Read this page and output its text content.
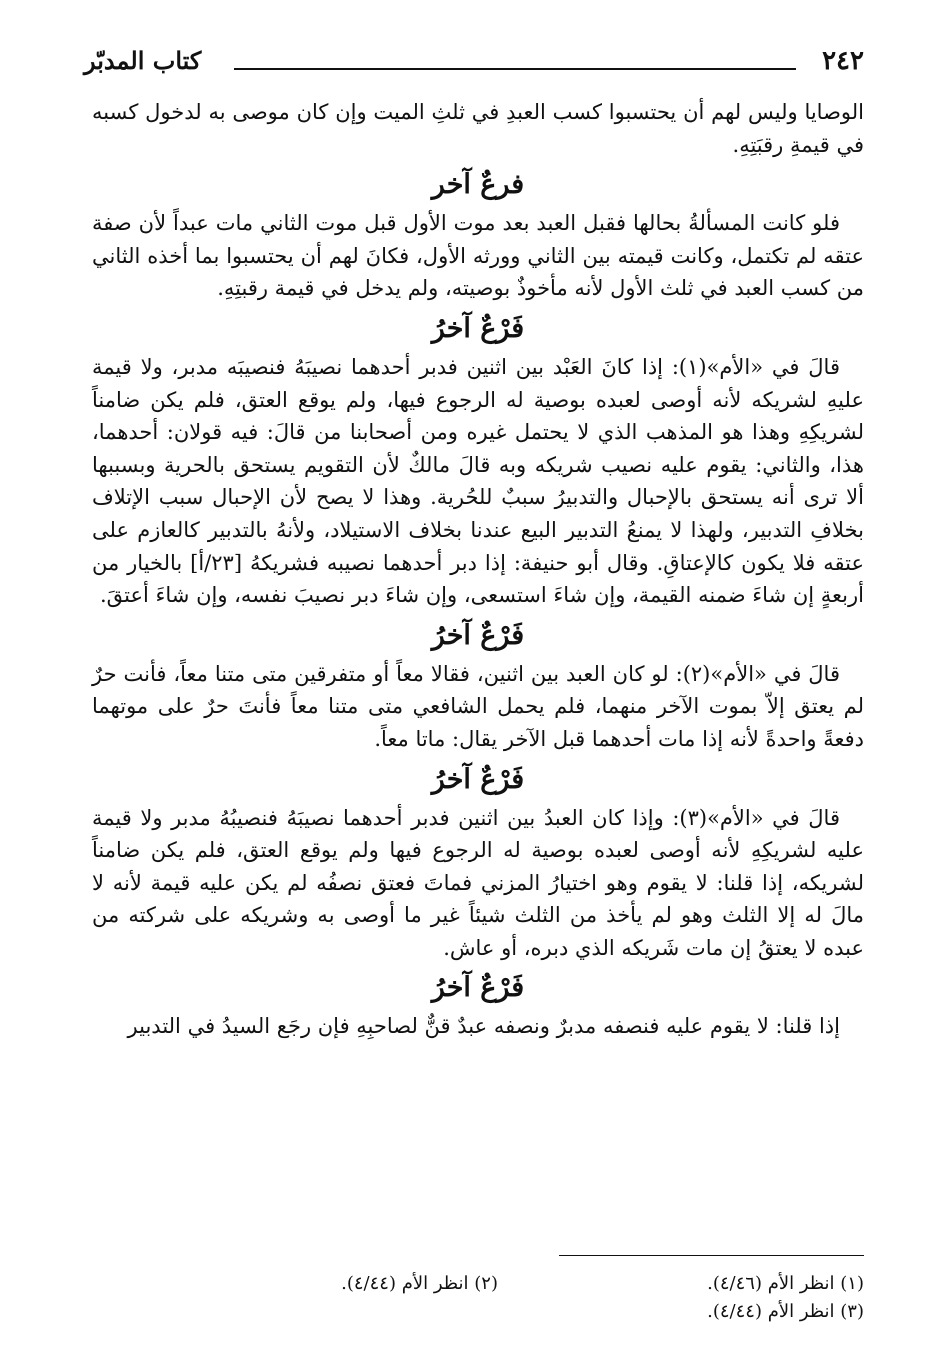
٢٤٢
كتاب المدبّر

الوصايا وليس لهم أن يحتسبوا كسب العبدِ في ثلثِ الميت وإن كان موصى به لدخول كسبه في قيمةِ رقبَتِهِ.

فرعٌ آخر

فلو كانت المسألةُ بحالها فقبل العبد بعد موت الأول قبل موت الثاني مات عبداً لأن صفة عتقه لم تكتمل، وكانت قيمته بين الثاني وورثه الأول، فكانَ لهم أن يحتسبوا بما أخذه الثاني من كسب العبد في ثلث الأول لأنه مأخوذٌ بوصيته، ولم يدخل في قيمة رقبتِهِ.

فَرْعٌ آخرُ

قالَ في «الأم»(١): إذا كانَ العَبْد بين اثنين فدبر أحدهما نصيبَهُ فنصيبَه مدبر، ولا قيمة عليهِ لشريكه لأنه أوصى لعبده بوصية له الرجوع فيها، ولم يوقع العتق، فلم يكن ضامناً لشريكِهِ وهذا هو المذهب الذي لا يحتمل غيره ومن أصحابنا من قالَ: فيه قولان: أحدهما، هذا، والثاني: يقوم عليه نصيب شريكه وبه قالَ مالكٌ لأن التقويم يستحق بالحرية وبسببها ألا ترى أنه يستحق بالإحبال والتدبيرُ سببٌ للحُرية. وهذا لا يصح لأن الإحبال سبب الإتلاف بخلافِ التدبير، ولهذا لا يمنعُ التدبير البيع عندنا بخلاف الاستيلاد، ولأنهُ بالتدبير كالعازم على عتقه فلا يكون كالإعتاقِ. وقال أبو حنيفة: إذا دبر أحدهما نصيبه فشريكهُ [٢٣/أ] بالخيار من أربعةٍ إن شاءَ ضمنه القيمة، وإن شاءَ استسعى، وإن شاءَ دبر نصيبَ نفسه، وإن شاءَ أعتقَ.

فَرْعٌ آخرُ

قالَ في «الأم»(٢): لو كان العبد بين اثنين، فقالا معاً أو متفرقين متى متنا معاً، فأنت حرٌ لم يعتق إلاّ بموت الآخر منهما، فلم يحمل الشافعي متى متنا معاً فأنتَ حرٌ على موتهما دفعةً واحدةً لأنه إذا مات أحدهما قبل الآخر يقال: ماتا معاً.

فَرْعٌ آخرُ

قالَ في «الأم»(٣): وإذا كان العبدُ بين اثنين فدبر أحدهما نصيبَهُ فنصيبُهُ مدبر ولا قيمة عليه لشريكِهِ لأنه أوصى لعبده بوصية له الرجوع فيها ولم يوقع العتق، فلم يكن ضامناً لشريكه، إذا قلنا: لا يقوم وهو اختيارُ المزني فماتَ فعتق نصفُه لم يكن عليه قيمة لأنه لا مالَ له إلا الثلث وهو لم يأخذ من الثلث شيئاً غير ما أوصى به وشريكه على شركته من عبده لا يعتقُ إن مات شَريكه الذي دبره، أو عاش.

فَرْعٌ آخرُ

إذا قلنا: لا يقوم عليه فنصفه مدبرٌ ونصفه عبدٌ قنٌّ لصاحبِهِ فإن رجَع السيدُ في التدبير

(١) انظر الأم (٤/٤٦).
(٢) انظر الأم (٤/٤٤).
(٣) انظر الأم (٤/٤٤).
